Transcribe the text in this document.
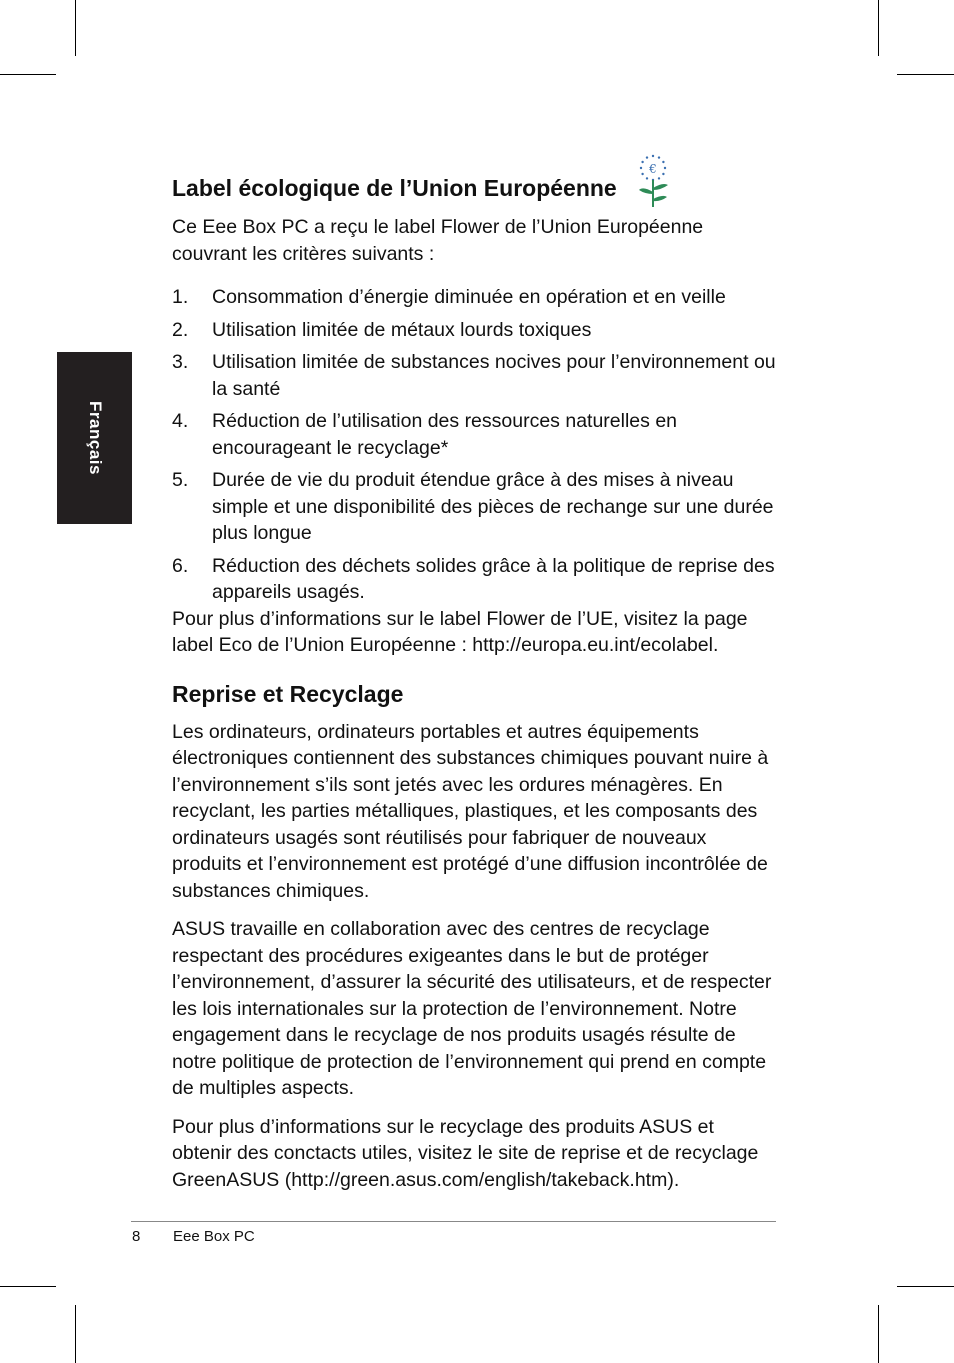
Français
Label écologique de l’Union Européenne
€

Ce Eee Box PC a reçu le label Flower de l’Union Européenne couvrant les critères suivants :

1.	Consommation d’énergie diminuée en opération et en veille
2.	Utilisation limitée de métaux lourds toxiques
3.	Utilisation limitée de substances nocives pour l’environnement ou la santé
4.	Réduction de l’utilisation des ressources naturelles en encourageant le recyclage*
5.	Durée de vie du produit étendue grâce à des mises à niveau simple et une disponibilité des pièces de rechange sur une durée plus longue
6.	Réduction des déchets solides grâce à la politique de reprise des appareils usagés.

Pour plus d’informations sur le label Flower de l’UE, visitez la page label Eco de l’Union Européenne : http://europa.eu.int/ecolabel.

Reprise et Recyclage

Les ordinateurs, ordinateurs portables et autres équipements électroniques contiennent des substances chimiques pouvant nuire à l’environnement s’ils sont jetés avec les ordures ménagères. En recyclant, les parties métalliques, plastiques, et les composants des ordinateurs usagés sont réutilisés pour fabriquer de nouveaux produits et l’environnement est protégé d’une diffusion incontrôlée de substances chimiques.

ASUS travaille en collaboration avec des centres de recyclage respectant des procédures exigeantes dans le but de protéger l’environnement, d’assurer la sécurité des utilisateurs, et de respecter les lois internationales sur la protection de l’environnement. Notre engagement dans le recyclage de nos produits usagés résulte de notre politique de protection de l’environnement qui prend en compte de multiples aspects.

Pour plus d’informations sur le recyclage des produits ASUS et obtenir des conctacts utiles, visitez le site de reprise et de recyclage GreenASUS (http://green.asus.com/english/takeback.htm).

8 Eee Box PC
